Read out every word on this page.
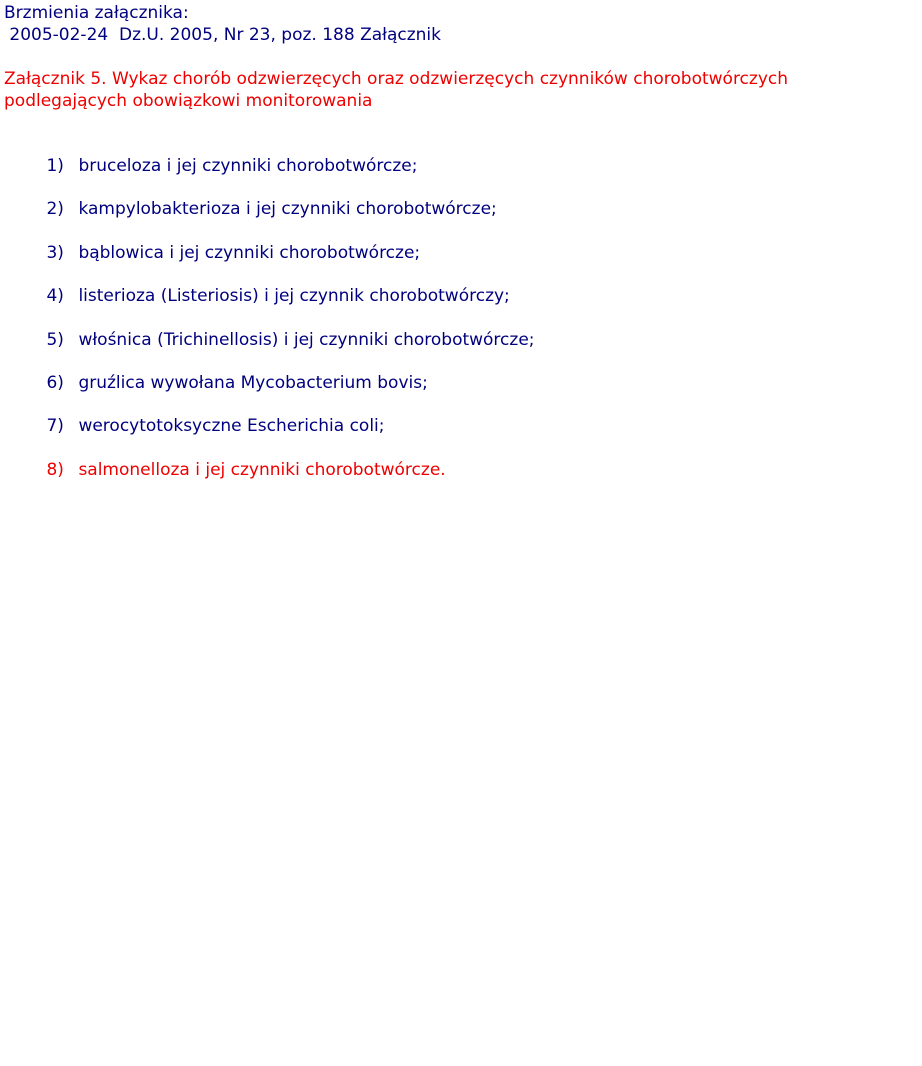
Brzmienia załącznika:
2005-02-24  Dz.U. 2005, Nr 23, poz. 188 Załącznik
Załącznik 5. Wykaz chorób odzwierzęcych oraz odzwierzęcych czynników chorobotwórczych podlegających obowiązkowi monitorowania

1) bruceloza i jej czynniki chorobotwórcze;

2) kampylobakterioza i jej czynniki chorobotwórcze;

3) bąblowica i jej czynniki chorobotwórcze;

4) listerioza (Listeriosis) i jej czynnik chorobotwórczy;

5) włośnica (Trichinellosis) i jej czynniki chorobotwórcze;

6) gruźlica wywołana Mycobacterium bovis;

7) werocytotoksyczne Escherichia coli;

8) salmonelloza i jej czynniki chorobotwórcze.
